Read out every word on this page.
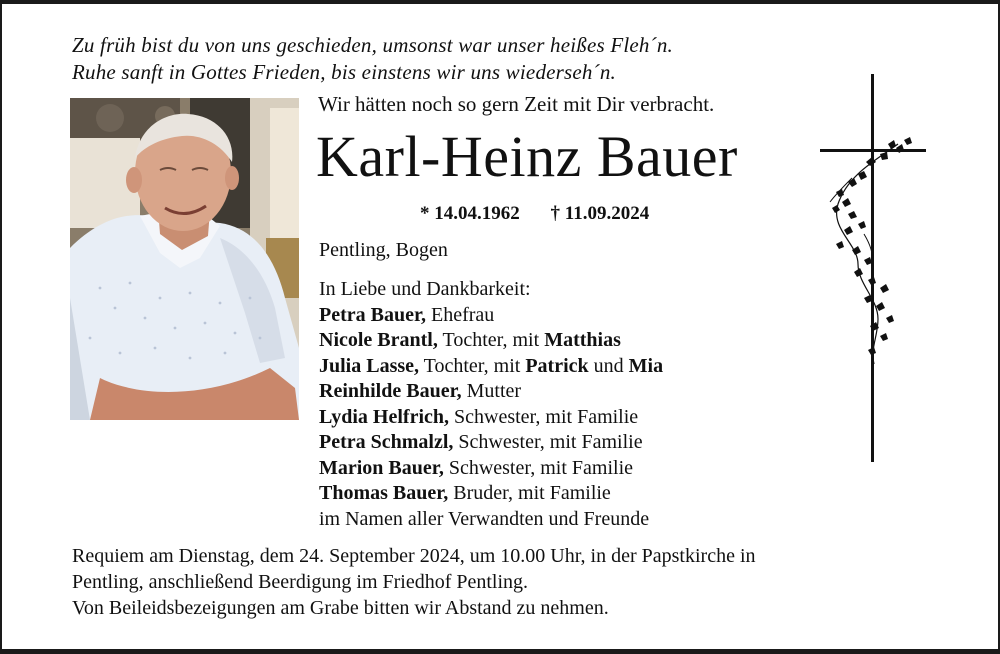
Zu früh bist du von uns geschieden, umsonst war unser heißes Fleh´n.
Ruhe sanft in Gottes Frieden, bis einstens wir uns wiederseh´n.
Wir hätten noch so gern Zeit mit Dir verbracht.
Karl-Heinz Bauer
* 14.04.1962 † 11.09.2024
Pentling, Bogen
In Liebe und Dankbarkeit:
Petra Bauer, Ehefrau
Nicole Brantl, Tochter, mit Matthias
Julia Lasse, Tochter, mit Patrick und Mia
Reinhilde Bauer, Mutter
Lydia Helfrich, Schwester, mit Familie
Petra Schmalzl, Schwester, mit Familie
Marion Bauer, Schwester, mit Familie
Thomas Bauer, Bruder, mit Familie
im Namen aller Verwandten und Freunde
Requiem am Dienstag, dem 24. September 2024, um 10.00 Uhr, in der Papstkirche in
Pentling, anschließend Beerdigung im Friedhof Pentling.
Von Beileidsbezeigungen am Grabe bitten wir Abstand zu nehmen.
